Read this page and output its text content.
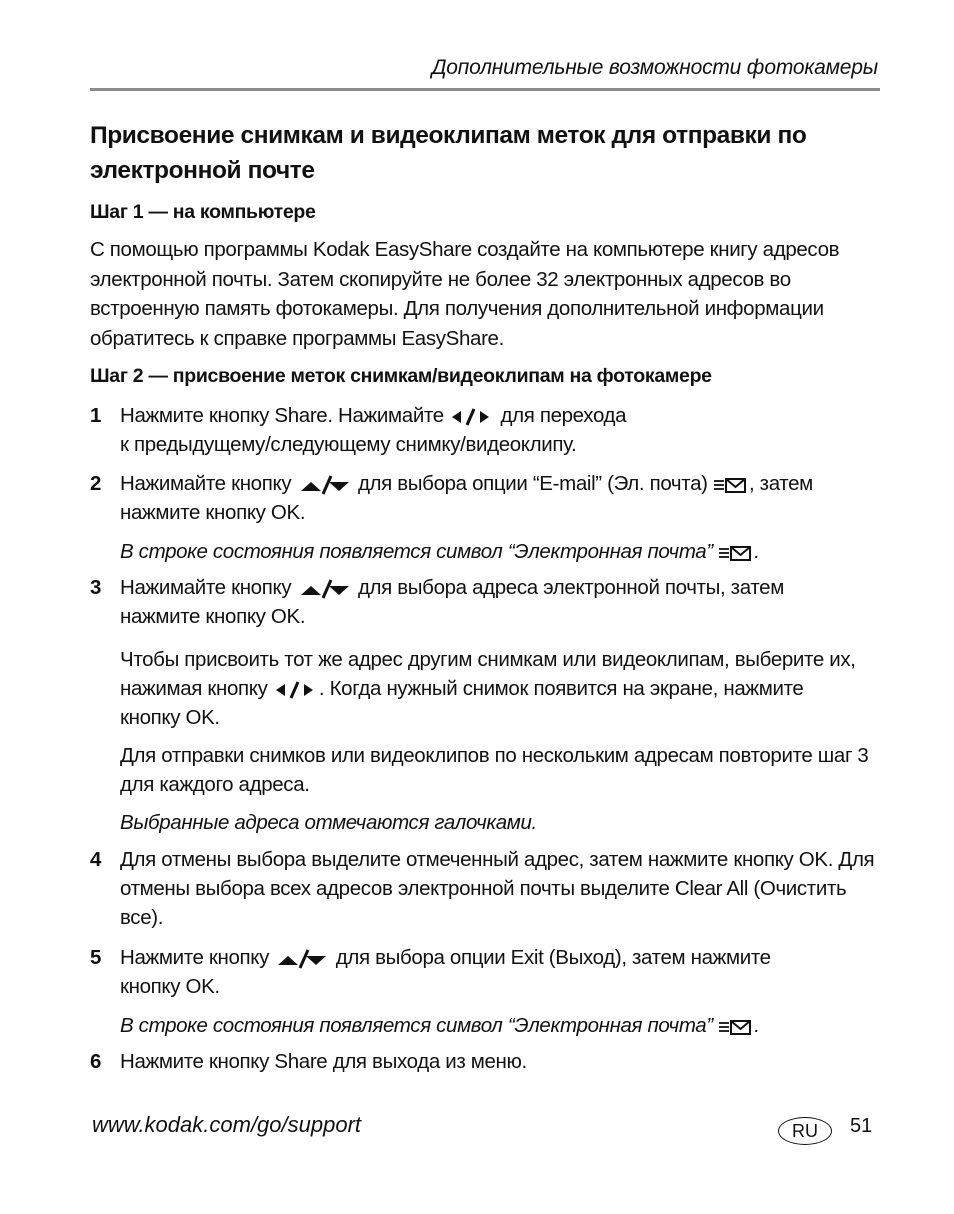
Дополнительные возможности фотокамеры
Присвоение снимкам и видеоклипам меток для отправки по электронной почте
Шаг 1 — на компьютере
С помощью программы Kodak EasyShare создайте на компьютере книгу адресов электронной почты. Затем скопируйте не более 32 электронных адресов во встроенную память фотокамеры. Для получения дополнительной информации обратитесь к справке программы EasyShare.
Шаг 2 — присвоение меток снимкам/видеоклипам на фотокамере
1 Нажмите кнопку Share. Нажимайте	для перехода
к предыдущему/следующему снимку/видеоклипу.
2 Нажимайте кнопку	для выбора опции “E-mail” (Эл. почта) , затем
нажмите кнопку OK.
В строке состояния появляется символ “Электронная почта” .
3 Нажимайте кнопку	для выбора адреса электронной почты, затем
нажмите кнопку OK.
Чтобы присвоить тот же адрес другим снимкам или видеоклипам, выберите их,
нажимая кнопку	. Когда нужный снимок появится на экране, нажмите
кнопку OK.
Для отправки снимков или видеоклипов по нескольким адресам повторите шаг 3 для каждого адреса.
Выбранные адреса отмечаются галочками.
4 Для отмены выбора выделите отмеченный адрес, затем нажмите кнопку OK. Для отмены выбора всех адресов электронной почты выделите Clear All (Очистить все).
5 Нажмите кнопку	для выбора опции Exit (Выход), затем нажмите
кнопку OK.
В строке состояния появляется символ “Электронная почта” .
6 Нажмите кнопку Share для выхода из меню.
www.kodak.com/go/support	RU	51
